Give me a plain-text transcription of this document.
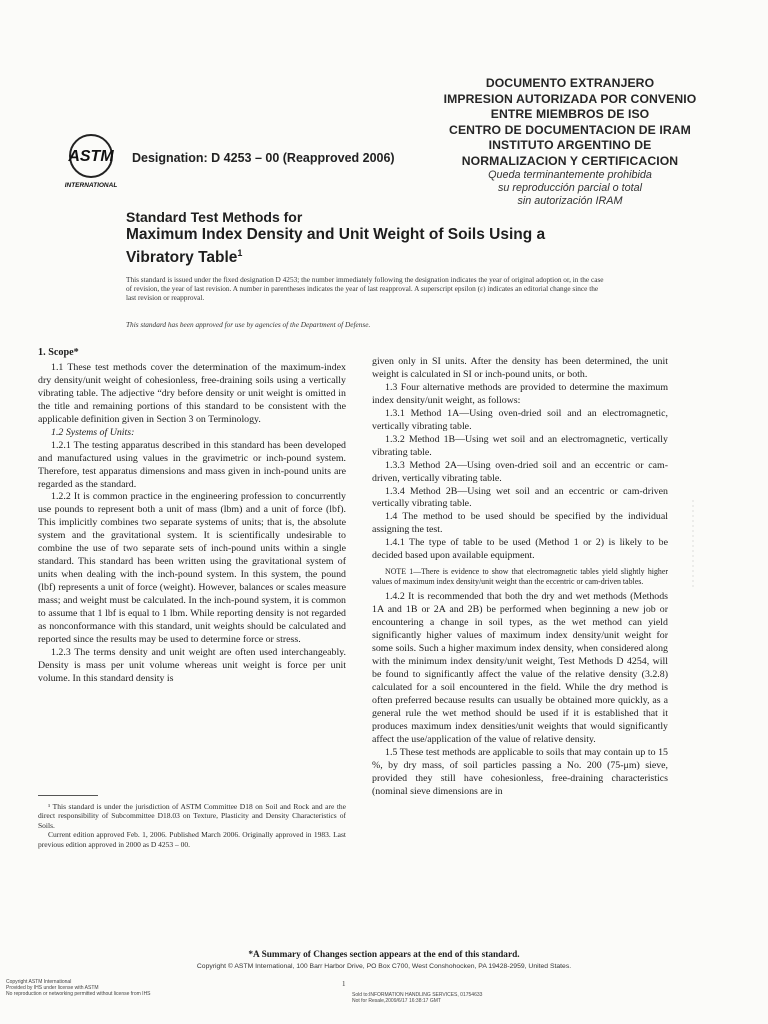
DOCUMENTO EXTRANJERO
IMPRESION AUTORIZADA POR CONVENIO
ENTRE MIEMBROS DE ISO
CENTRO DE DOCUMENTACION DE IRAM
INSTITUTO ARGENTINO DE
NORMALIZACION Y CERTIFICACION
Queda terminantemente prohibida
su reproducción parcial o total
sin autorización IRAM
ASTM
INTERNATIONAL
Designation: D 4253 – 00 (Reapproved 2006)
Standard Test Methods for
Maximum Index Density and Unit Weight of Soils Using a
Vibratory Table$^1$
This standard is issued under the fixed designation D 4253; the number immediately following the designation indicates the year of original adoption or, in the case of revision, the year of last revision. A number in parentheses indicates the year of last reapproval. A superscript epsilon (ε) indicates an editorial change since the last revision or reapproval.
This standard has been approved for use by agencies of the Department of Defense.

1. Scope*

1.1 These test methods cover the determination of the maximum-index dry density/unit weight of cohesionless, free-draining soils using a vertically vibrating table. The adjective “dry before density or unit weight is omitted in the title and remaining portions of this standard to be consistent with the applicable definition given in Section 3 on Terminology.

1.2 Systems of Units:

1.2.1 The testing apparatus described in this standard has been developed and manufactured using values in the gravimetric or inch-pound system. Therefore, test apparatus dimensions and mass given in inch-pound units are regarded as the standard.

1.2.2 It is common practice in the engineering profession to concurrently use pounds to represent both a unit of mass (lbm) and a unit of force (lbf). This implicitly combines two separate systems of units; that is, the absolute system and the gravitational system. It is scientifically undesirable to combine the use of two separate sets of inch-pound units within a single standard. This standard has been written using the gravitational system of units when dealing with the inch-pound system. In this system, the pound (lbf) represents a unit of force (weight). However, balances or scales measure mass; and weight must be calculated. In the inch-pound system, it is common to assume that 1 lbf is equal to 1 lbm. While reporting density is not regarded as nonconformance with this standard, unit weights should be calculated and reported since the results may be used to determine force or stress.

1.2.3 The terms density and unit weight are often used interchangeably. Density is mass per unit volume whereas unit weight is force per unit volume. In this standard density is

¹ This standard is under the jurisdiction of ASTM Committee D18 on Soil and Rock and are the direct responsibility of Subcommittee D18.03 on Texture, Plasticity and Density Characteristics of Soils.

Current edition approved Feb. 1, 2006. Published March 2006. Originally approved in 1983. Last previous edition approved in 2000 as D 4253 – 00.

given only in SI units. After the density has been determined, the unit weight is calculated in SI or inch-pound units, or both.

1.3 Four alternative methods are provided to determine the maximum index density/unit weight, as follows:

1.3.1 Method 1A—Using oven-dried soil and an electromagnetic, vertically vibrating table.

1.3.2 Method 1B—Using wet soil and an electromagnetic, vertically vibrating table.

1.3.3 Method 2A—Using oven-dried soil and an eccentric or cam-driven, vertically vibrating table.

1.3.4 Method 2B—Using wet soil and an eccentric or cam-driven vertically vibrating table.

1.4 The method to be used should be specified by the individual assigning the test.

1.4.1 The type of table to be used (Method 1 or 2) is likely to be decided based upon available equipment.

NOTE 1—There is evidence to show that electromagnetic tables yield slightly higher values of maximum index density/unit weight than the eccentric or cam-driven tables.

1.4.2 It is recommended that both the dry and wet methods (Methods 1A and 1B or 2A and 2B) be performed when beginning a new job or encountering a change in soil types, as the wet method can yield significantly higher values of maximum index density/unit weight for some soils. Such a higher maximum index density, when considered along with the minimum index density/unit weight, Test Methods D 4254, will be found to significantly affect the value of the relative density (3.2.8) calculated for a soil encountered in the field. While the dry method is often preferred because results can usually be obtained more quickly, as a general rule the wet method should be used if it is established that it produces maximum index densities/unit weights that would significantly affect the use/application of the value of relative density.

1.5 These test methods are applicable to soils that may contain up to 15 %, by dry mass, of soil particles passing a No. 200 (75-μm) sieve, provided they still have cohesionless, free-draining characteristics (nominal sieve dimensions are in

*A Summary of Changes section appears at the end of this standard.
Copyright © ASTM International, 100 Barr Harbor Drive, PO Box C700, West Conshohocken, PA 19428-2959, United States.
1
Copyright ASTM International
Provided by IHS under license with ASTM
No reproduction or networking permitted without license from IHS	Sold to:INFORMATION HANDLING SERVICES, 01754633
Not for Resale,2009/6/17 16:38:17 GMT
